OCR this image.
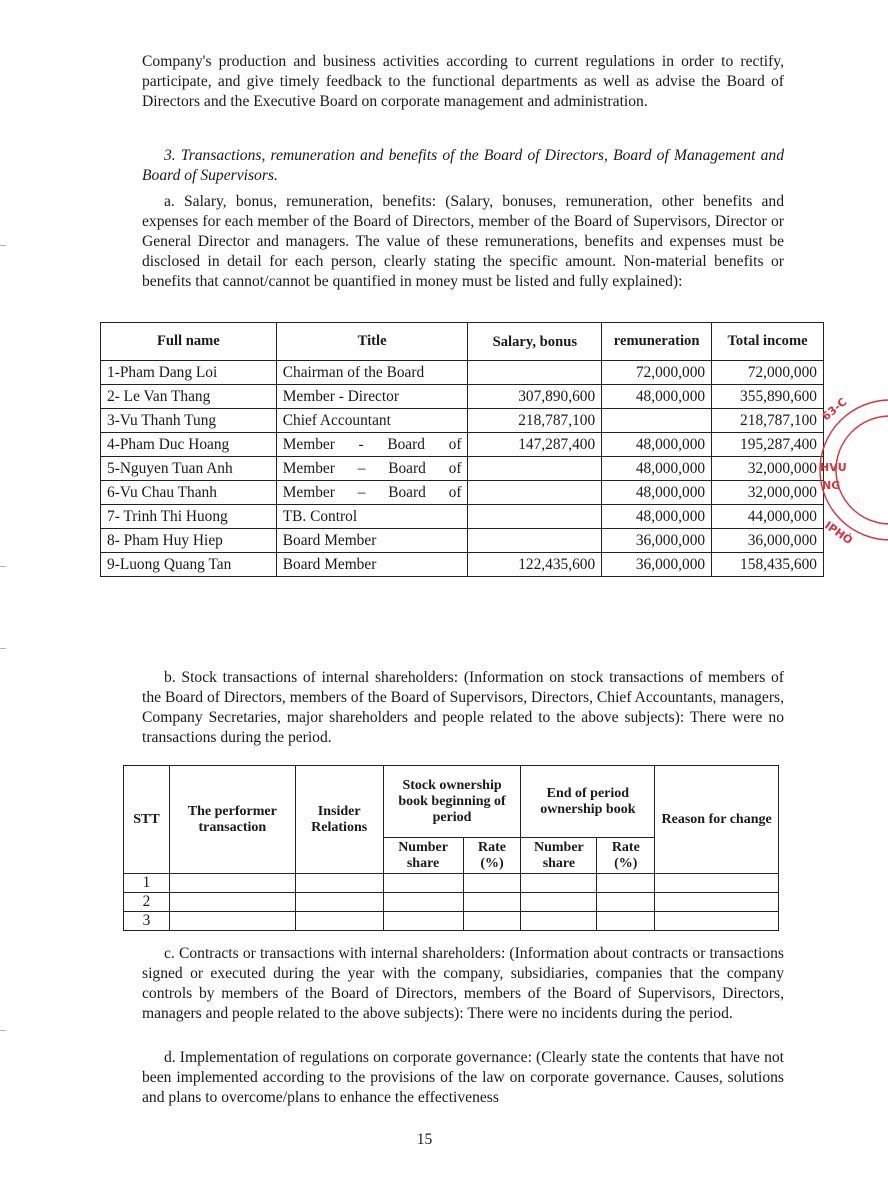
Company's production and business activities according to current regulations in order to rectify, participate, and give timely feedback to the functional departments as well as advise the Board of Directors and the Executive Board on corporate management and administration.

3. Transactions, remuneration and benefits of the Board of Directors, Board of Management and Board of Supervisors.

a. Salary, bonus, remuneration, benefits: (Salary, bonuses, remuneration, other benefits and expenses for each member of the Board of Directors, member of the Board of Supervisors, Director or General Director and managers. The value of these remunerations, benefits and expenses must be disclosed in detail for each person, clearly stating the specific amount. Non-material benefits or benefits that cannot/cannot be quantified in money must be listed and fully explained):

Full name	Title	Salary, bonus	remuneration	Total income
1-Pham Dang Loi	Chairman of the Board		72,000,000	72,000,000
2- Le Van Thang	Member - Director	307,890,600	48,000,000	355,890,600
3-Vu Thanh Tung	Chief Accountant	218,787,100		218,787,100
4-Pham Duc Hoang	Member - Board of	147,287,400	48,000,000	195,287,400
5-Nguyen Tuan Anh	Member – Board of		48,000,000	32,000,000
6-Vu Chau Thanh	Member – Board of		48,000,000	32,000,000
7- Trinh Thi Huong	TB. Control		48,000,000	44,000,000
8- Pham Huy Hiep	Board Member		36,000,000	36,000,000
9-Luong Quang Tan	Board Member	122,435,600	36,000,000	158,435,600

b. Stock transactions of internal shareholders: (Information on stock transactions of members of the Board of Directors, members of the Board of Supervisors, Directors, Chief Accountants, managers, Company Secretaries, major shareholders and people related to the above subjects): There were no transactions during the period.

STT	The performer transaction	Insider Relations	Stock ownership book beginning of period		End of period ownership book		Reason for change
			Number share	Rate (%)	Number share	Rate (%)	
1							
2							
3							

c. Contracts or transactions with internal shareholders: (Information about contracts or transactions signed or executed during the year with the company, subsidiaries, companies that the company controls by members of the Board of Directors, members of the Board of Supervisors, Directors, managers and people related to the above subjects): There were no incidents during the period.

d. Implementation of regulations on corporate governance: (Clearly state the contents that have not been implemented according to the provisions of the law on corporate governance. Causes, solutions and plans to overcome/plans to enhance the effectiveness

15
63-C
HVU
NG
IPHÒ
